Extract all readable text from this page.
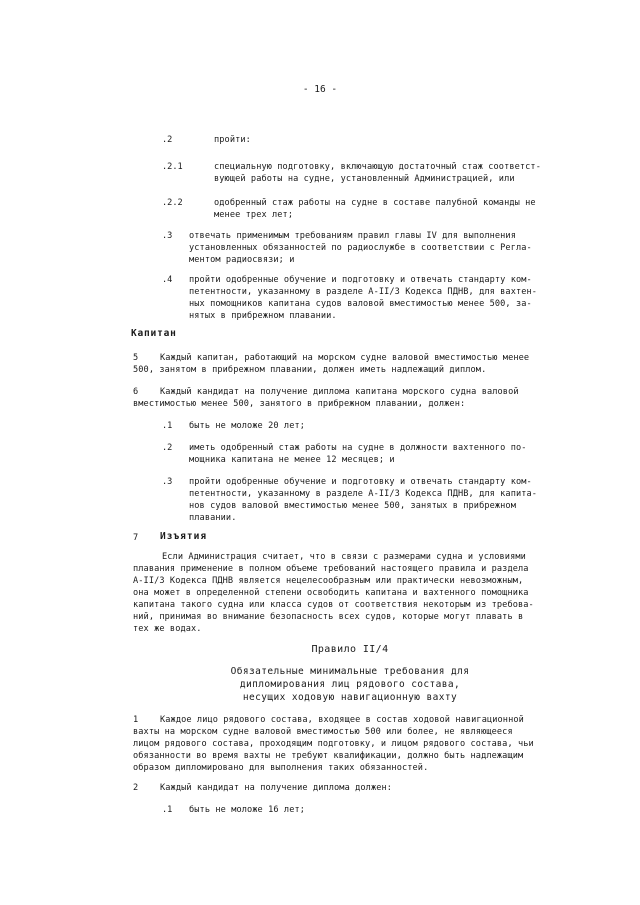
- 16 -
.2	пройти:
.2.1	специальную подготовку, включающую достаточный стаж соответст-
вующей работы на судне, установленный Администрацией, или
.2.2	одобренный стаж работы на судне в составе палубной команды не
менее трех лет;
.3 отвечать применимым требованиям правил главы IV для выполнения
установленных обязанностей по радиослужбе в соответствии с Регла-
ментом радиосвязи; и
.4 пройти одобренные обучение и подготовку и отвечать стандарту ком-
петентности, указанному в разделе A-II/3 Кодекса ПДНВ, для вахтен-
ных помощников капитана судов валовой вместимостью менее 500, за-
нятых в прибрежном плавании.
Капитан
5	Каждый капитан, работающий на морском судне валовой вместимостью менее
500, занятом в прибрежном плавании, должен иметь надлежащий диплом.
6	Каждый кандидат на получение диплома капитана морского судна валовой
вместимостью менее 500, занятого в прибрежном плавании, должен:
.1 быть не моложе 20 лет;
.2 иметь одобренный стаж работы на судне в должности вахтенного по-
мощника капитана не менее 12 месяцев; и
.3 пройти одобренные обучение и подготовку и отвечать стандарту ком-
петентности, указанному в разделе A-II/3 Кодекса ПДНВ, для капита-
нов судов валовой вместимостью менее 500, занятых в прибрежном
плавании.
7 Изъятия
Если Администрация считает, что в связи с размерами судна и условиями
плавания применение в полном объеме требований настоящего правила и раздела
A-II/3 Кодекса ПДНВ является нецелесообразным или практически невозможным,
она может в определенной степени освободить капитана и вахтенного помощника
капитана такого судна или класса судов от соответствия некоторым из требова-
ний, принимая во внимание безопасность всех судов, которые могут плавать в
тех же водах.
Правило II/4
Обязательные минимальные требования для
дипломирования лиц рядового состава,
несущих ходовую навигационную вахту
1	Каждое лицо рядового состава, входящее в состав ходовой навигационной
вахты на морском судне валовой вместимостью 500 или более, не являющееся
лицом рядового состава, проходящим подготовку, и лицом рядового состава, чьи
обязанности во время вахты не требуют квалификации, должно быть надлежащим
образом дипломировано для выполнения таких обязанностей.
2	Каждый кандидат на получение диплома должен:
.1 быть не моложе 16 лет;
